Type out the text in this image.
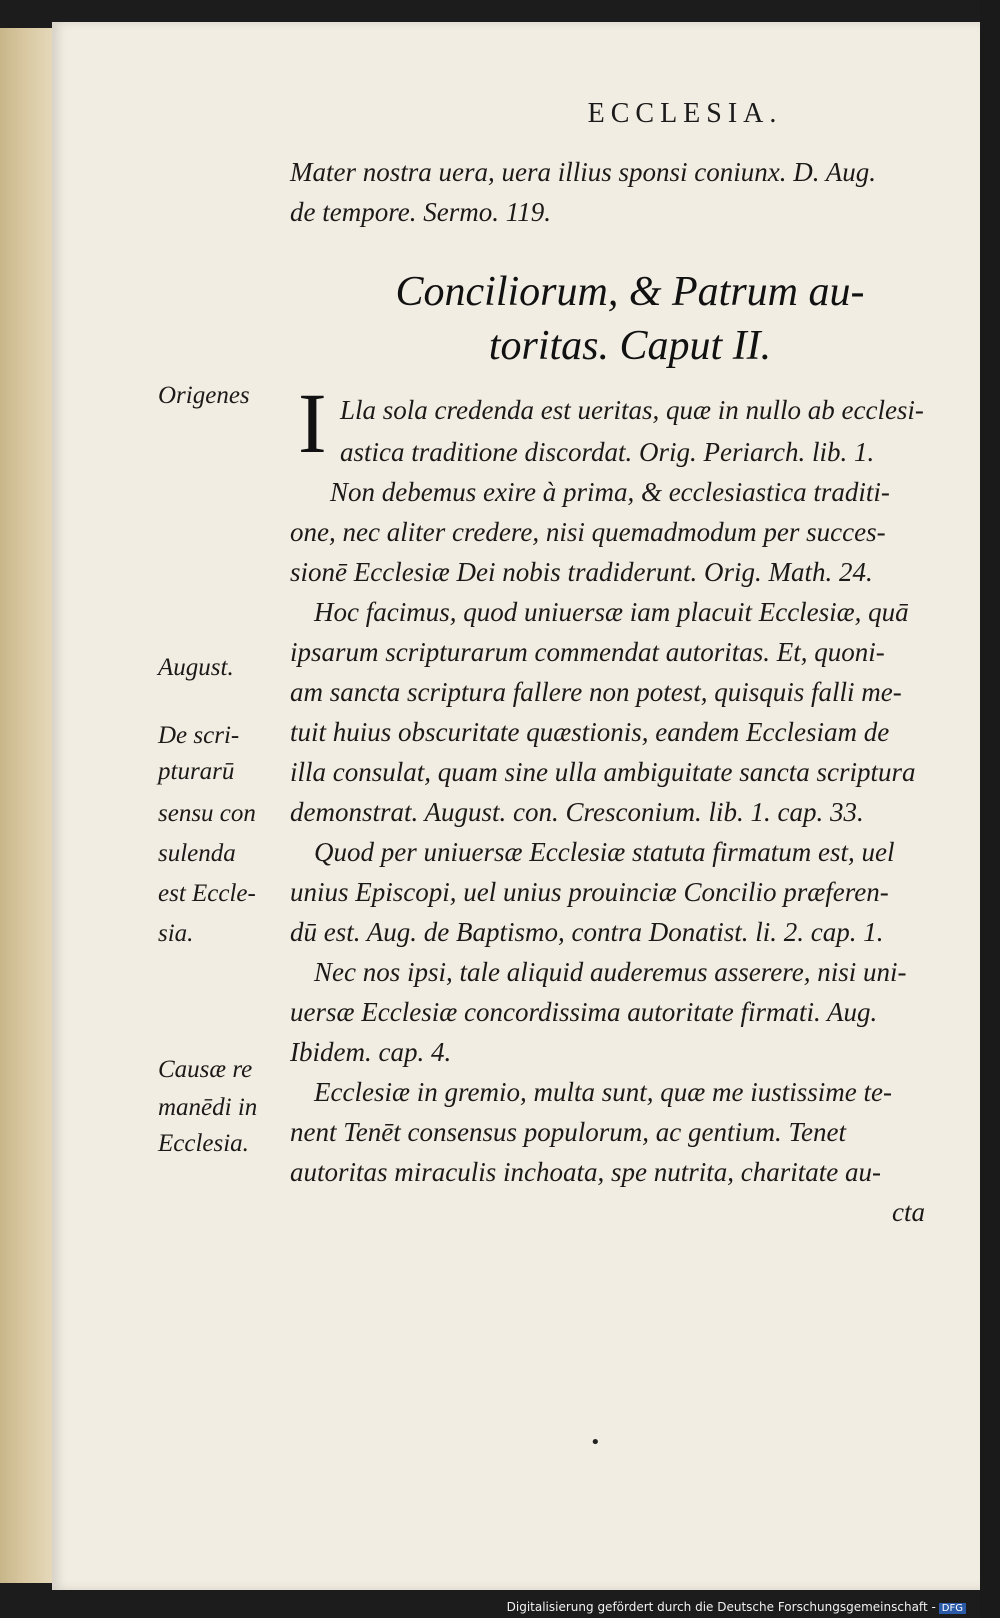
ECCLESIA.
Mater nostra uera, uera illius sponsi coniunx. D. Aug.
de tempore. Sermo. 119.
Conciliorum, & Patrum au-
toritas. Caput II.
I
Origenes
August.
De scri-
pturarū
sensu con
sulenda
est Eccle-
sia.
Causæ re
manēdi in
Ecclesia.
Lla sola credenda est ueritas, quæ in nullo ab ecclesi-
astica traditione discordat. Orig. Periarch. lib. 1.
Non debemus exire à prima, & ecclesiastica traditi-
one, nec aliter credere, nisi quemadmodum per succes-
sionē Ecclesiæ Dei nobis tradiderunt. Orig. Math. 24.
Hoc facimus, quod uniuersæ iam placuit Ecclesiæ, quā
ipsarum scripturarum commendat autoritas. Et, quoni-
am sancta scriptura fallere non potest, quisquis falli me-
tuit huius obscuritate quæstionis, eandem Ecclesiam de
illa consulat, quam sine ulla ambiguitate sancta scriptura
demonstrat. August. con. Cresconium. lib. 1. cap. 33.
Quod per uniuersæ Ecclesiæ statuta firmatum est, uel
unius Episcopi, uel unius prouinciæ Concilio præferen-
dū est. Aug. de Baptismo, contra Donatist. li. 2. cap. 1.
Nec nos ipsi, tale aliquid auderemus asserere, nisi uni-
uersæ Ecclesiæ concordissima autoritate firmati. Aug.
Ibidem. cap. 4.
Ecclesiæ in gremio, multa sunt, quæ me iustissime te-
nent Tenēt consensus populorum, ac gentium. Tenet
autoritas miraculis inchoata, spe nutrita, charitate au-
cta
•
Digitalisierung gefördert durch die Deutsche Forschungsgemeinschaft - DFG
